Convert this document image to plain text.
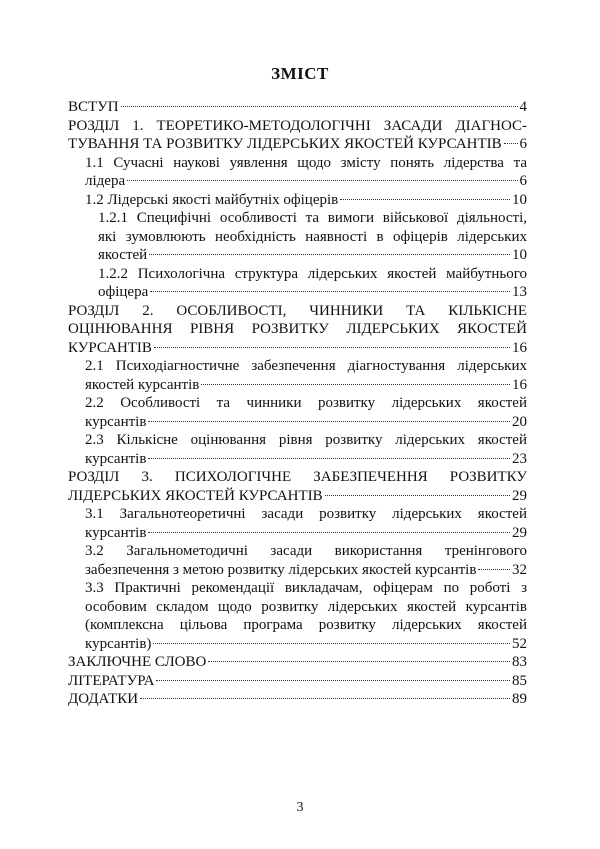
ЗМІСТ
ВСТУП	4
РОЗДІЛ 1. ТЕОРЕТИКО-МЕТОДОЛОГІЧНІ ЗАСАДИ ДІАГНОС-
ТУВАННЯ ТА РОЗВИТКУ ЛІДЕРСЬКИХ ЯКОСТЕЙ КУРСАНТІВ 6
1.1 Сучасні наукові уявлення щодо змісту понять лідерства та
лідера	6
1.2 Лідерські якості майбутніх офіцерів	10
1.2.1 Специфічні особливості та вимоги військової діяльності,
які зумовлюють необхідність наявності в офіцерів лідерських
якостей	10
1.2.2 Психологічна структура лідерських якостей майбутнього
офіцера	13
РОЗДІЛ 2. ОСОБЛИВОСТІ, ЧИННИКИ ТА КІЛЬКІСНЕ
ОЦІНЮВАННЯ РІВНЯ РОЗВИТКУ ЛІДЕРСЬКИХ ЯКОСТЕЙ
КУРСАНТІВ	16
2.1 Психодіагностичне забезпечення діагностування лідерських
якостей курсантів	16
2.2 Особливості та чинники розвитку лідерських якостей
курсантів	20
2.3 Кількісне оцінювання рівня розвитку лідерських якостей
курсантів	23
РОЗДІЛ 3. ПСИХОЛОГІЧНЕ ЗАБЕЗПЕЧЕННЯ РОЗВИТКУ
ЛІДЕРСЬКИХ ЯКОСТЕЙ КУРСАНТІВ	29
3.1 Загальнотеоретичні засади розвитку лідерських якостей
курсантів	29
3.2 Загальнометодичні засади використання тренінгового
забезпечення з метою розвитку лідерських якостей курсантів 32
3.3 Практичні рекомендації викладачам, офіцерам по роботі з
особовим складом щодо розвитку лідерських якостей курсантів
(комплексна цільова програма розвитку лідерських якостей
курсантів)	52
ЗАКЛЮЧНЕ СЛОВО	83
ЛІТЕРАТУРА	85
ДОДАТКИ	89
3
